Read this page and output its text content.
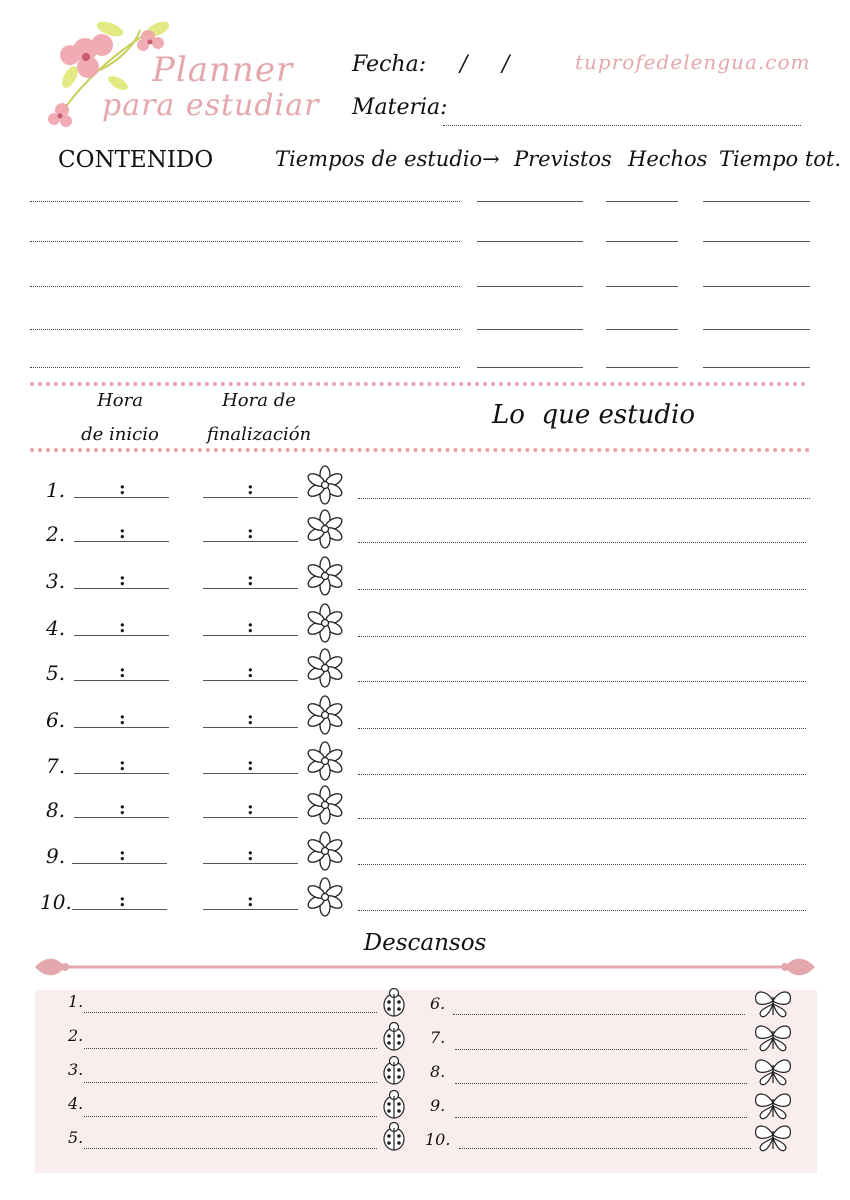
Planner
para estudiar
Fecha: / /	tuprofedelengua.com
Materia:
CONTENIDO	Tiempos de estudio→ Previstos Hechos Tiempo tot.
Hora
de inicio
Hora de
finalización
Lo  que estudio
1.	:	:
2.	:	:
3.	:	:
4.	:	:
5.	:	:
6.	:	:
7.	:	:
8.	:	:
9.	:	:
10.	:	:
Descansos
1.
2.
3.
4.
5.
6.
7.
8.
9.
10.
